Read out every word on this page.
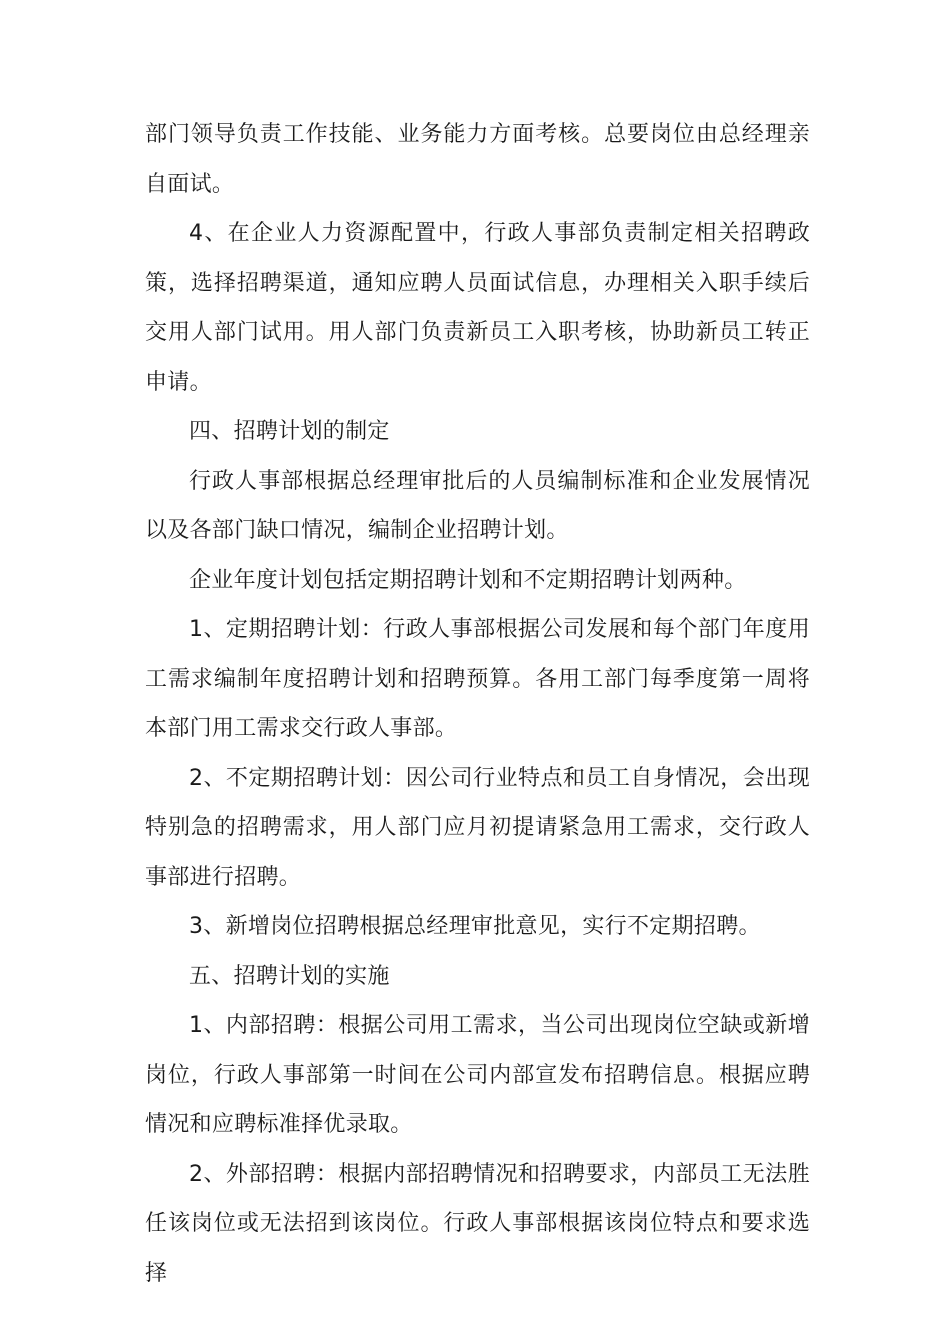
部门领导负责工作技能、业务能力方面考核。总要岗位由总经理亲自面试。

4、在企业人力资源配置中，行政人事部负责制定相关招聘政策，选择招聘渠道，通知应聘人员面试信息，办理相关入职手续后交用人部门试用。用人部门负责新员工入职考核，协助新员工转正申请。

四、招聘计划的制定

行政人事部根据总经理审批后的人员编制标准和企业发展情况以及各部门缺口情况，编制企业招聘计划。

企业年度计划包括定期招聘计划和不定期招聘计划两种。

1、定期招聘计划：行政人事部根据公司发展和每个部门年度用工需求编制年度招聘计划和招聘预算。各用工部门每季度第一周将本部门用工需求交行政人事部。

2、不定期招聘计划：因公司行业特点和员工自身情况，会出现特别急的招聘需求，用人部门应月初提请紧急用工需求，交行政人事部进行招聘。

3、新增岗位招聘根据总经理审批意见，实行不定期招聘。

五、招聘计划的实施

1、内部招聘：根据公司用工需求，当公司出现岗位空缺或新增岗位，行政人事部第一时间在公司内部宣发布招聘信息。根据应聘情况和应聘标准择优录取。

2、外部招聘：根据内部招聘情况和招聘要求，内部员工无法胜任该岗位或无法招到该岗位。行政人事部根据该岗位特点和要求选择
